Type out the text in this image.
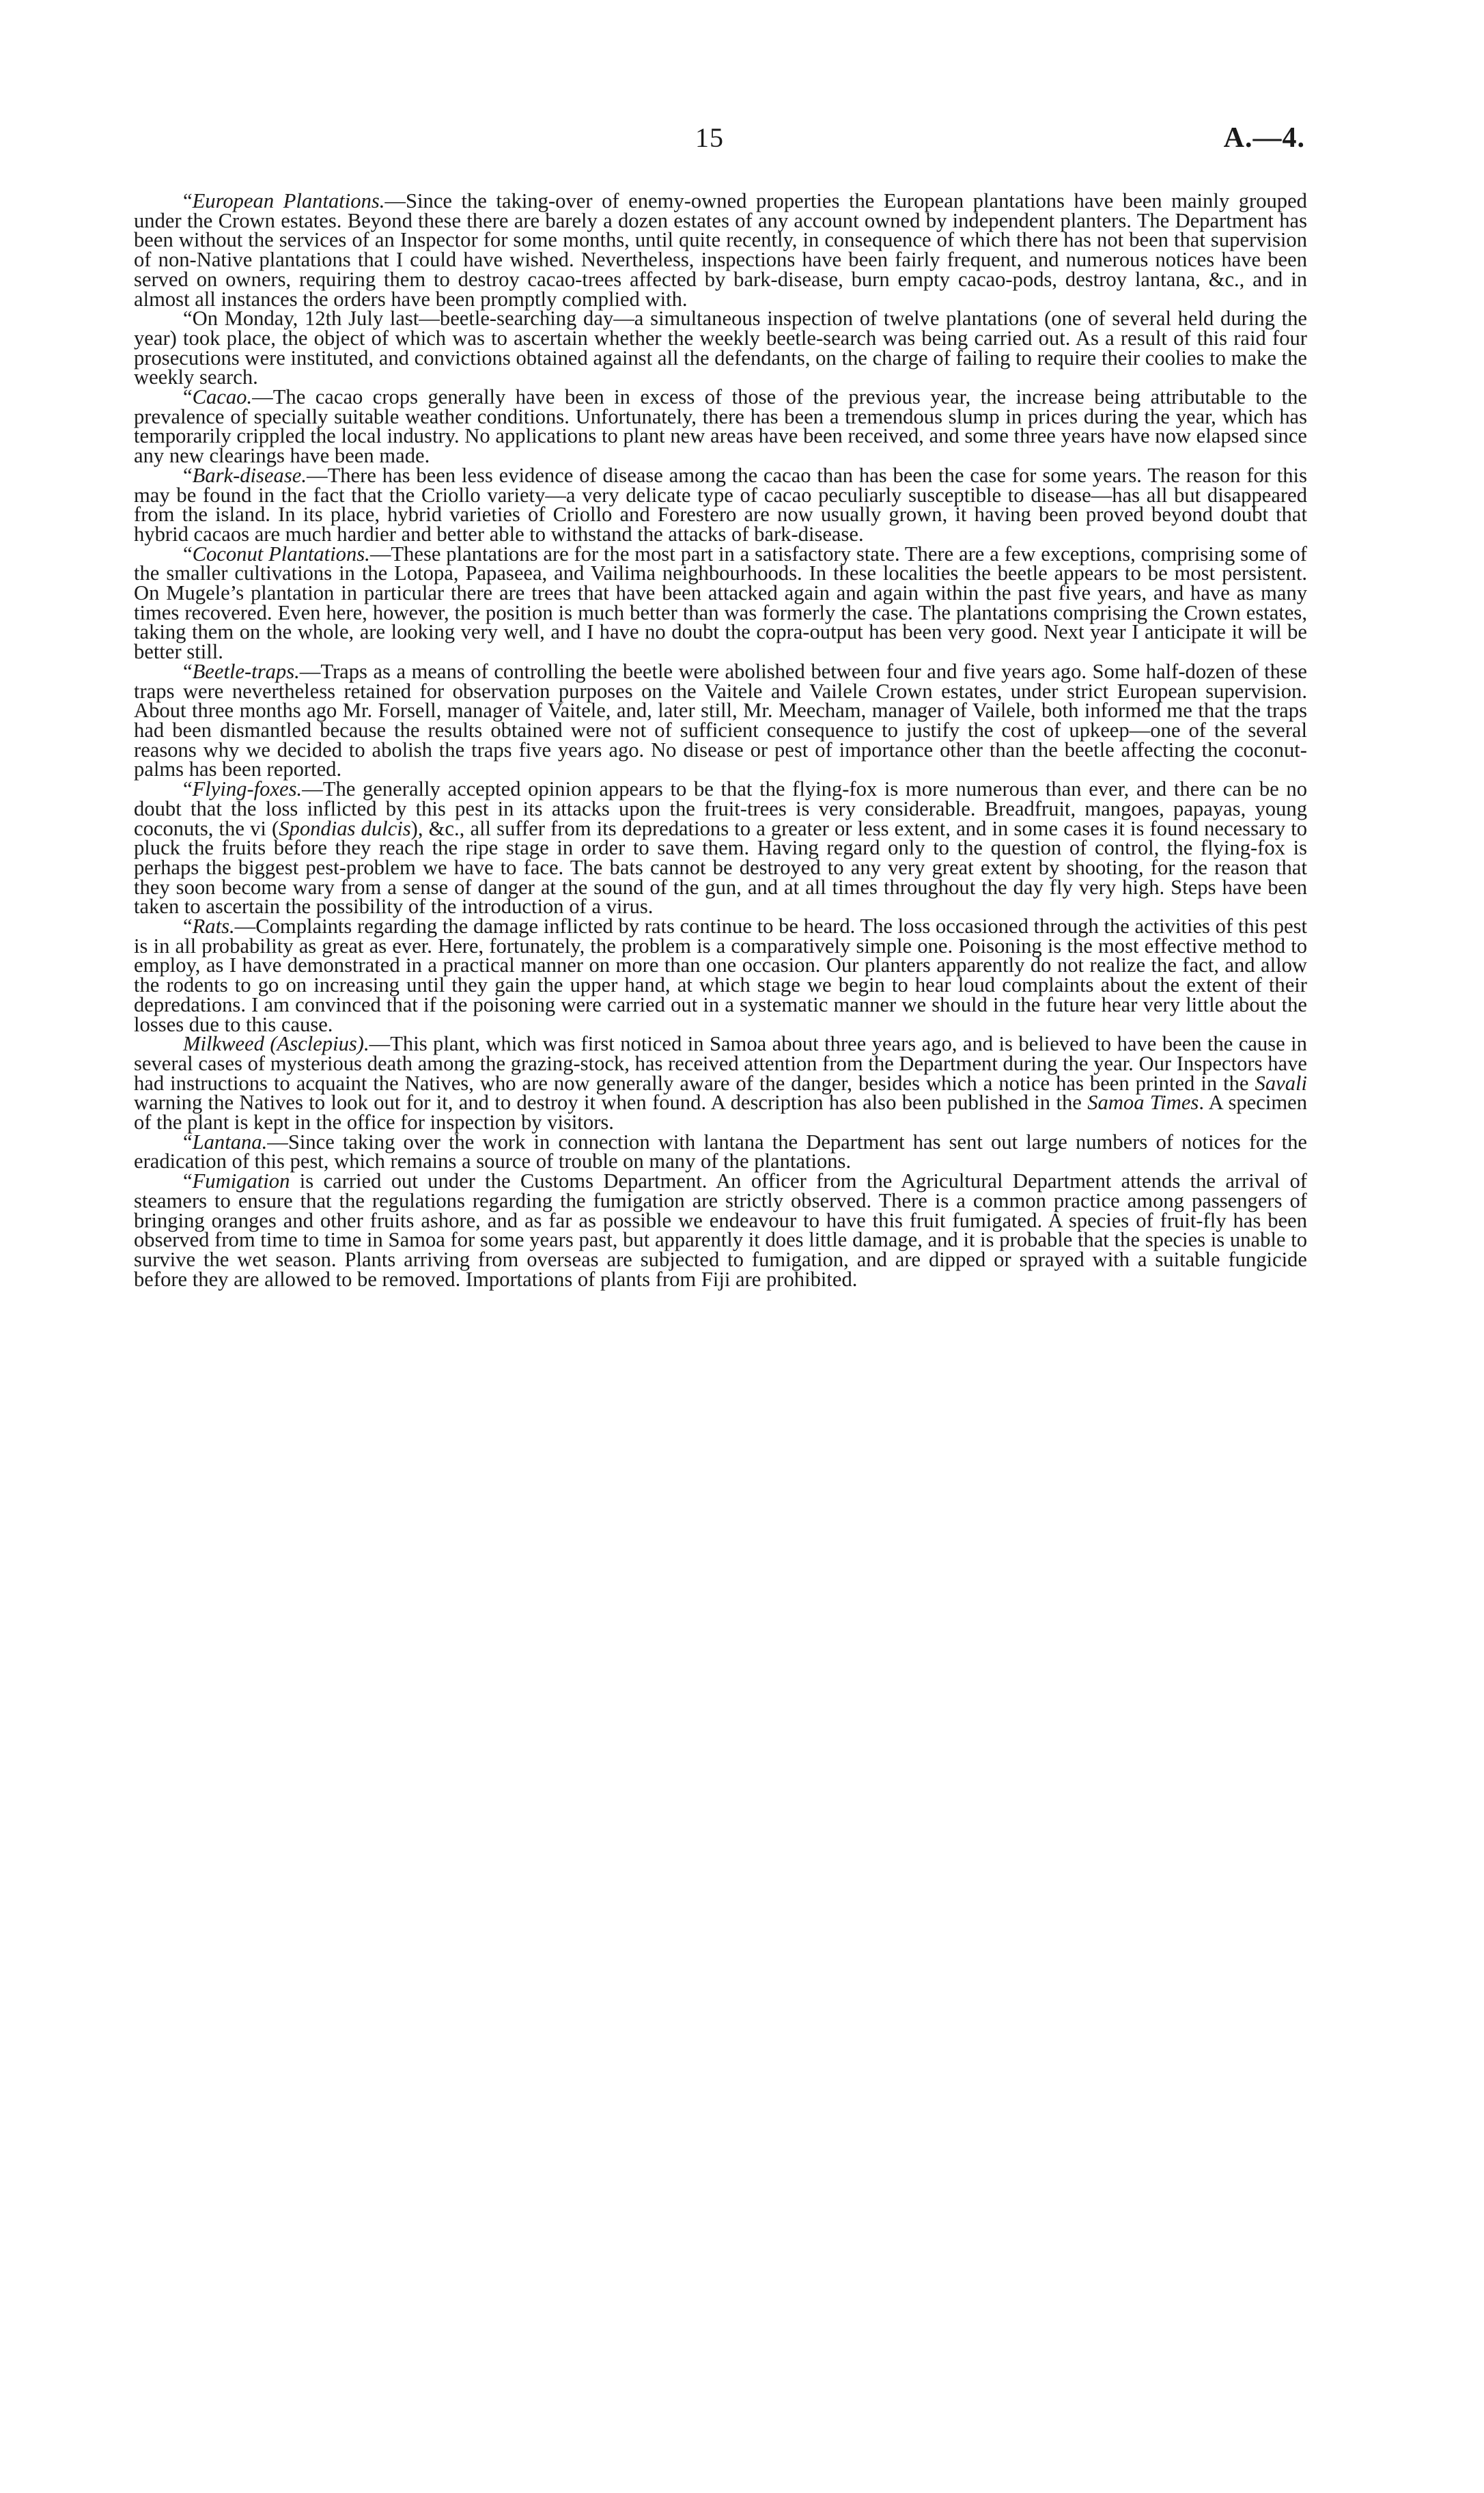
15	A.—4.

“European Plantations.—Since the taking-over of enemy-owned properties the European plantations have been mainly grouped under the Crown estates. Beyond these there are barely a dozen estates of any account owned by independent planters. The Department has been without the services of an Inspector for some months, until quite recently, in consequence of which there has not been that supervision of non-Native plantations that I could have wished. Nevertheless, inspections have been fairly frequent, and numerous notices have been served on owners, requiring them to destroy cacao-trees affected by bark-disease, burn empty cacao-pods, destroy lantana, &c., and in almost all instances the orders have been promptly complied with.

“On Monday, 12th July last—beetle-searching day—a simultaneous inspection of twelve plantations (one of several held during the year) took place, the object of which was to ascertain whether the weekly beetle-search was being carried out. As a result of this raid four prosecutions were instituted, and convictions obtained against all the defendants, on the charge of failing to require their coolies to make the weekly search.

“Cacao.—The cacao crops generally have been in excess of those of the previous year, the increase being attributable to the prevalence of specially suitable weather conditions. Unfortunately, there has been a tremendous slump in prices during the year, which has temporarily crippled the local industry. No applications to plant new areas have been received, and some three years have now elapsed since any new clearings have been made.

“Bark-disease.—There has been less evidence of disease among the cacao than has been the case for some years. The reason for this may be found in the fact that the Criollo variety—a very delicate type of cacao peculiarly susceptible to disease—has all but disappeared from the island. In its place, hybrid varieties of Criollo and Forestero are now usually grown, it having been proved beyond doubt that hybrid cacaos are much hardier and better able to withstand the attacks of bark-disease.

“Coconut Plantations.—These plantations are for the most part in a satisfactory state. There are a few exceptions, comprising some of the smaller cultivations in the Lotopa, Papaseea, and Vailima neighbourhoods. In these localities the beetle appears to be most persistent. On Mugele’s plantation in particular there are trees that have been attacked again and again within the past five years, and have as many times recovered. Even here, however, the position is much better than was formerly the case. The plantations comprising the Crown estates, taking them on the whole, are looking very well, and I have no doubt the copra-output has been very good. Next year I anticipate it will be better still.

“Beetle-traps.—Traps as a means of controlling the beetle were abolished between four and five years ago. Some half-dozen of these traps were nevertheless retained for observation purposes on the Vaitele and Vailele Crown estates, under strict European supervision. About three months ago Mr. Forsell, manager of Vaitele, and, later still, Mr. Meecham, manager of Vailele, both informed me that the traps had been dismantled because the results obtained were not of sufficient consequence to justify the cost of upkeep—one of the several reasons why we decided to abolish the traps five years ago. No disease or pest of importance other than the beetle affecting the coconut-palms has been reported.

“Flying-foxes.—The generally accepted opinion appears to be that the flying-fox is more numerous than ever, and there can be no doubt that the loss inflicted by this pest in its attacks upon the fruit-trees is very considerable. Breadfruit, mangoes, papayas, young coconuts, the vi (Spondias dulcis), &c., all suffer from its depredations to a greater or less extent, and in some cases it is found necessary to pluck the fruits before they reach the ripe stage in order to save them. Having regard only to the question of control, the flying-fox is perhaps the biggest pest-problem we have to face. The bats cannot be destroyed to any very great extent by shooting, for the reason that they soon become wary from a sense of danger at the sound of the gun, and at all times throughout the day fly very high. Steps have been taken to ascertain the possibility of the introduction of a virus.

“Rats.—Complaints regarding the damage inflicted by rats continue to be heard. The loss occasioned through the activities of this pest is in all probability as great as ever. Here, fortunately, the problem is a comparatively simple one. Poisoning is the most effective method to employ, as I have demonstrated in a practical manner on more than one occasion. Our planters apparently do not realize the fact, and allow the rodents to go on increasing until they gain the upper hand, at which stage we begin to hear loud complaints about the extent of their depredations. I am convinced that if the poisoning were carried out in a systematic manner we should in the future hear very little about the losses due to this cause.

Milkweed (Asclepius).—This plant, which was first noticed in Samoa about three years ago, and is believed to have been the cause in several cases of mysterious death among the grazing-stock, has received attention from the Department during the year. Our Inspectors have had instructions to acquaint the Natives, who are now generally aware of the danger, besides which a notice has been printed in the Savali warning the Natives to look out for it, and to destroy it when found. A description has also been published in the Samoa Times. A specimen of the plant is kept in the office for inspection by visitors.

“Lantana.—Since taking over the work in connection with lantana the Department has sent out large numbers of notices for the eradication of this pest, which remains a source of trouble on many of the plantations.

“Fumigation is carried out under the Customs Department. An officer from the Agricultural Department attends the arrival of steamers to ensure that the regulations regarding the fumigation are strictly observed. There is a common practice among passengers of bringing oranges and other fruits ashore, and as far as possible we endeavour to have this fruit fumigated. A species of fruit-fly has been observed from time to time in Samoa for some years past, but apparently it does little damage, and it is probable that the species is unable to survive the wet season. Plants arriving from overseas are subjected to fumigation, and are dipped or sprayed with a suitable fungicide before they are allowed to be removed. Importations of plants from Fiji are prohibited.
